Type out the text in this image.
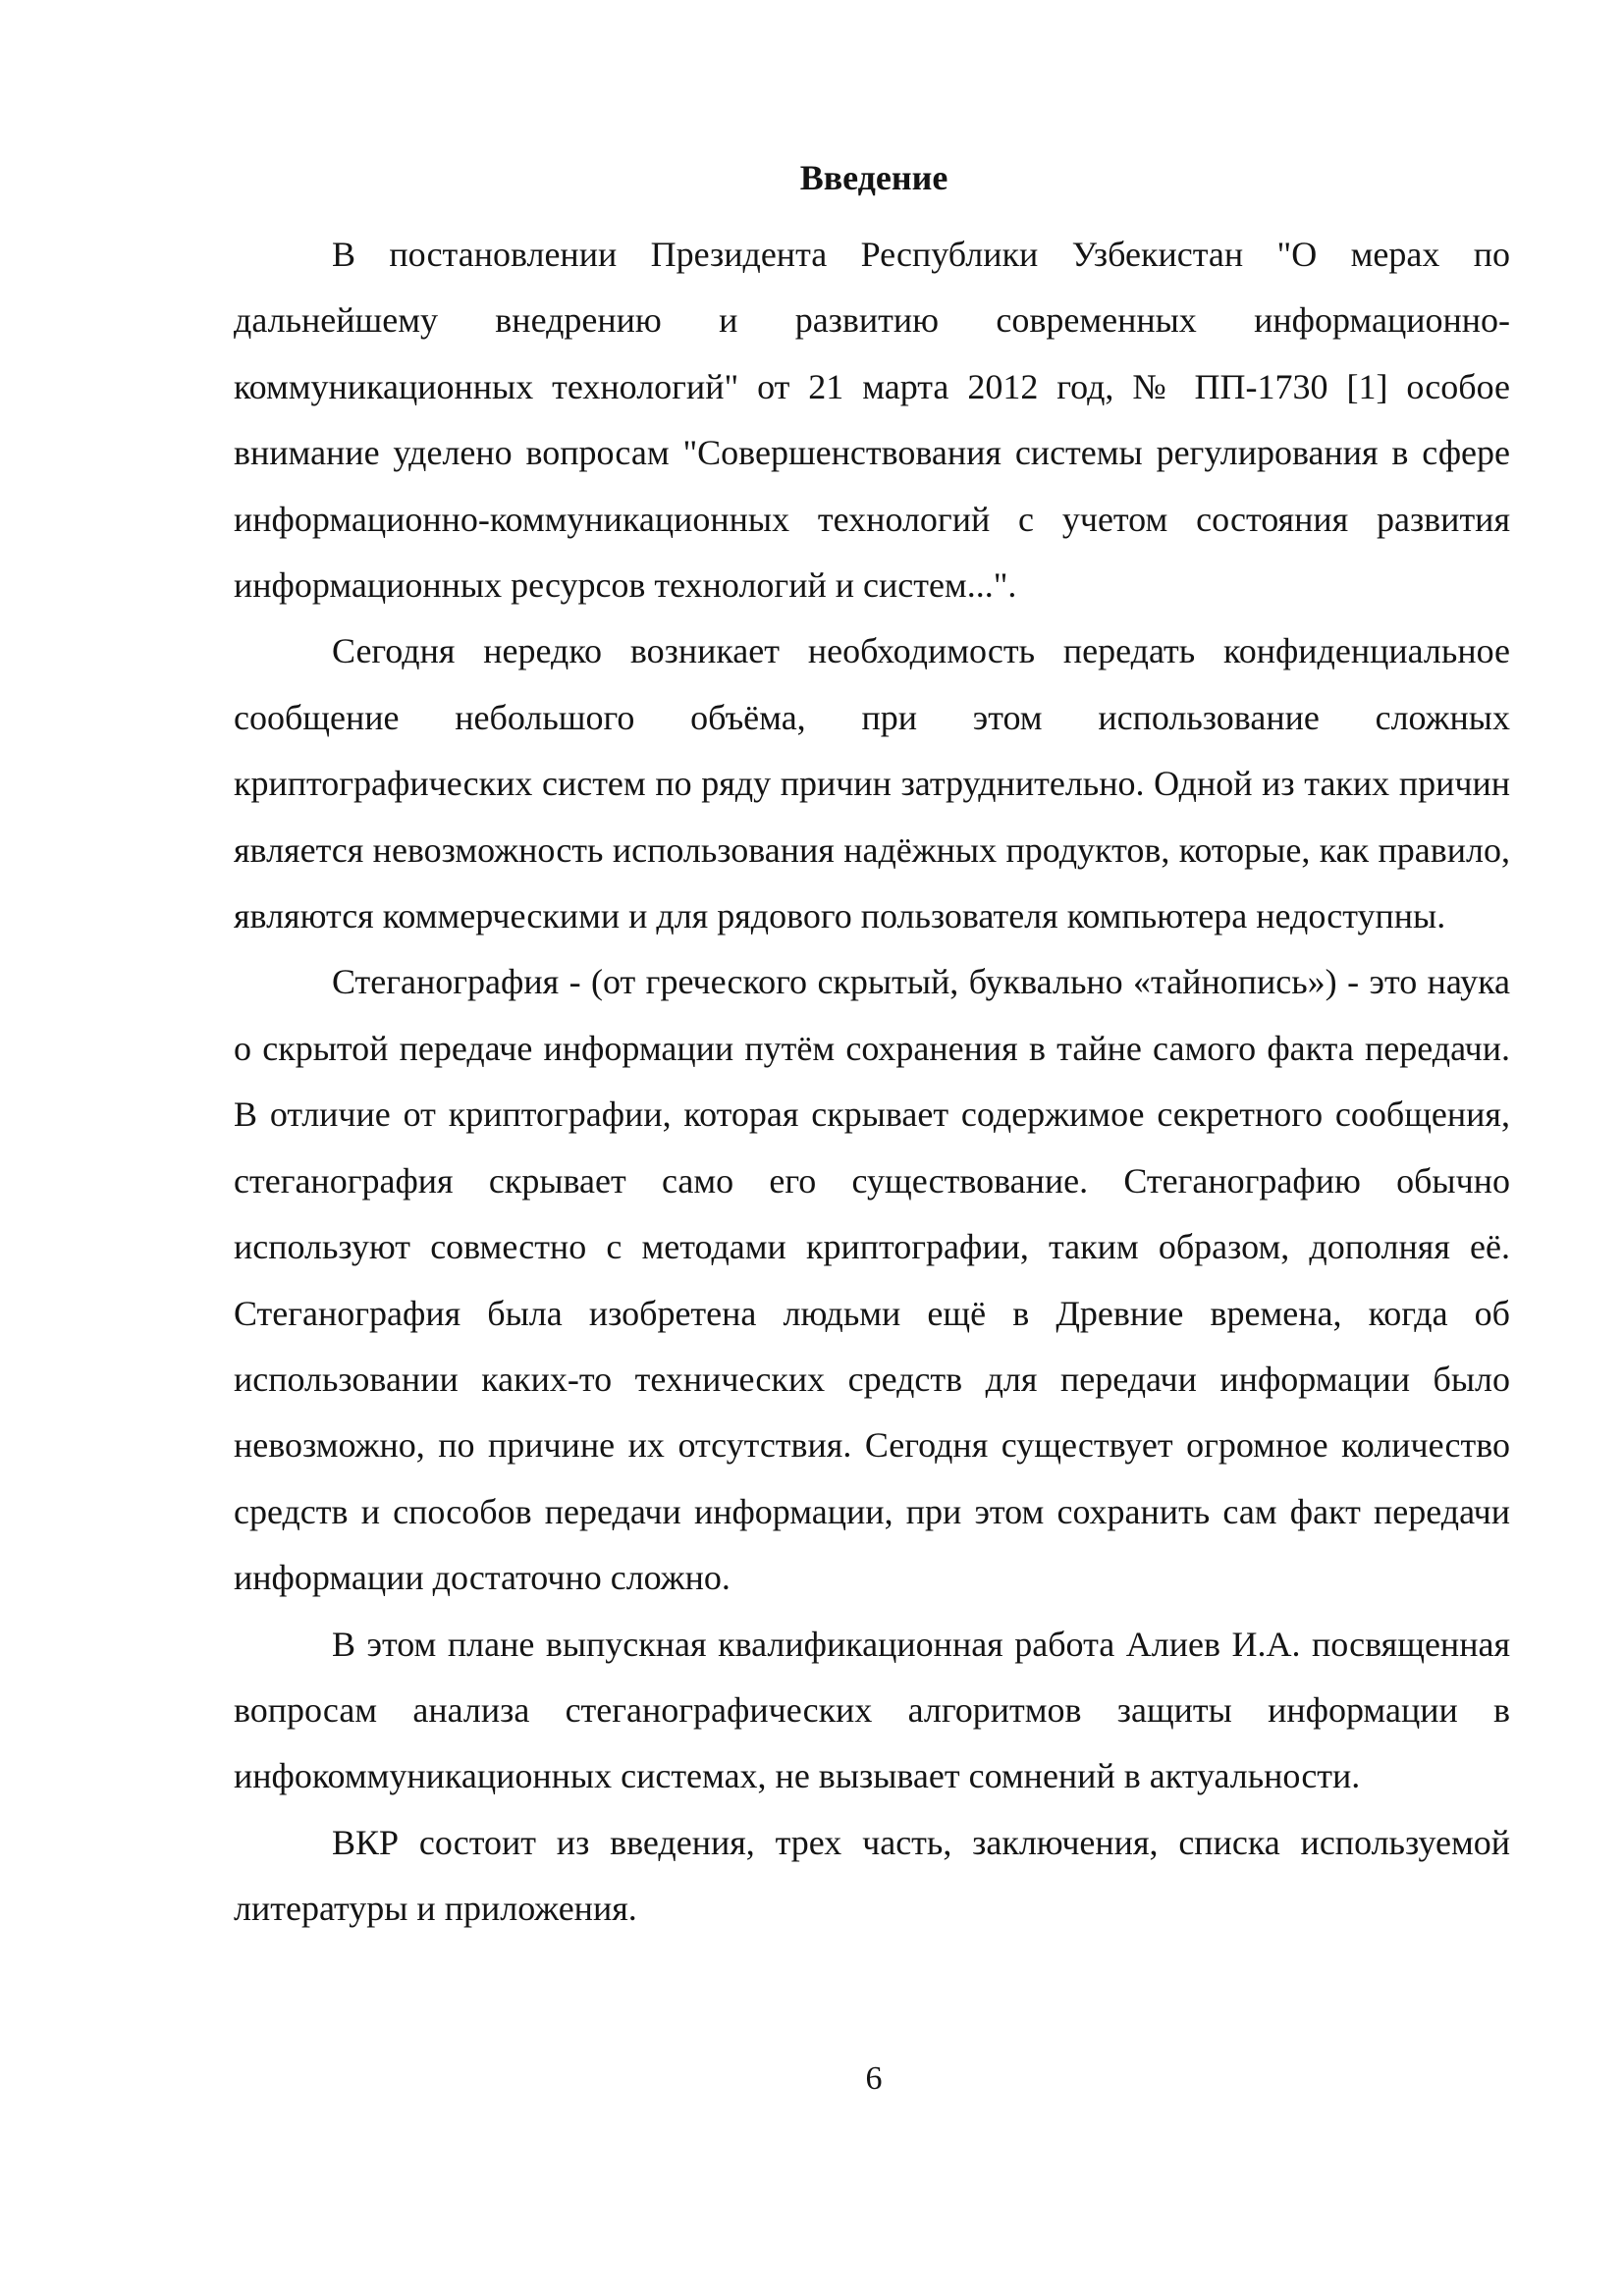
Введение

В постановлении Президента Республики Узбекистан "О мерах по дальнейшему внедрению и развитию современных информационно-коммуникационных технологий" от 21 марта 2012 год, № ПП-1730 [1] особое внимание уделено вопросам "Совершенствования системы регулирования в сфере информационно-коммуникационных технологий с учетом состояния развития информационных ресурсов технологий и систем...".

Сегодня нередко возникает необходимость передать конфиденциальное сообщение небольшого объёма, при этом использование сложных криптографических систем по ряду причин затруднительно. Одной из таких причин является невозможность использования надёжных продуктов, которые, как правило, являются коммерческими и для рядового пользователя компьютера недоступны.

Стеганография - (от греческого скрытый, буквально «тайнопись») - это наука о скрытой передаче информации путём сохранения в тайне самого факта передачи. В отличие от криптографии, которая скрывает содержимое секретного сообщения, стеганография скрывает само его существование. Стеганографию обычно используют совместно с методами криптографии, таким образом, дополняя её. Стеганография была изобретена людьми ещё в Древние времена, когда об использовании каких-то технических средств для передачи информации было невозможно, по причине их отсутствия. Сегодня существует огромное количество средств и способов передачи информации, при этом сохранить сам факт передачи информации достаточно сложно.

В этом плане выпускная квалификационная работа Алиев И.А. посвященная вопросам анализа стеганографических алгоритмов защиты информации в инфокоммуникационных системах, не вызывает сомнений в актуальности.

ВКР состоит из введения, трех часть, заключения, списка используемой литературы и приложения.

6
